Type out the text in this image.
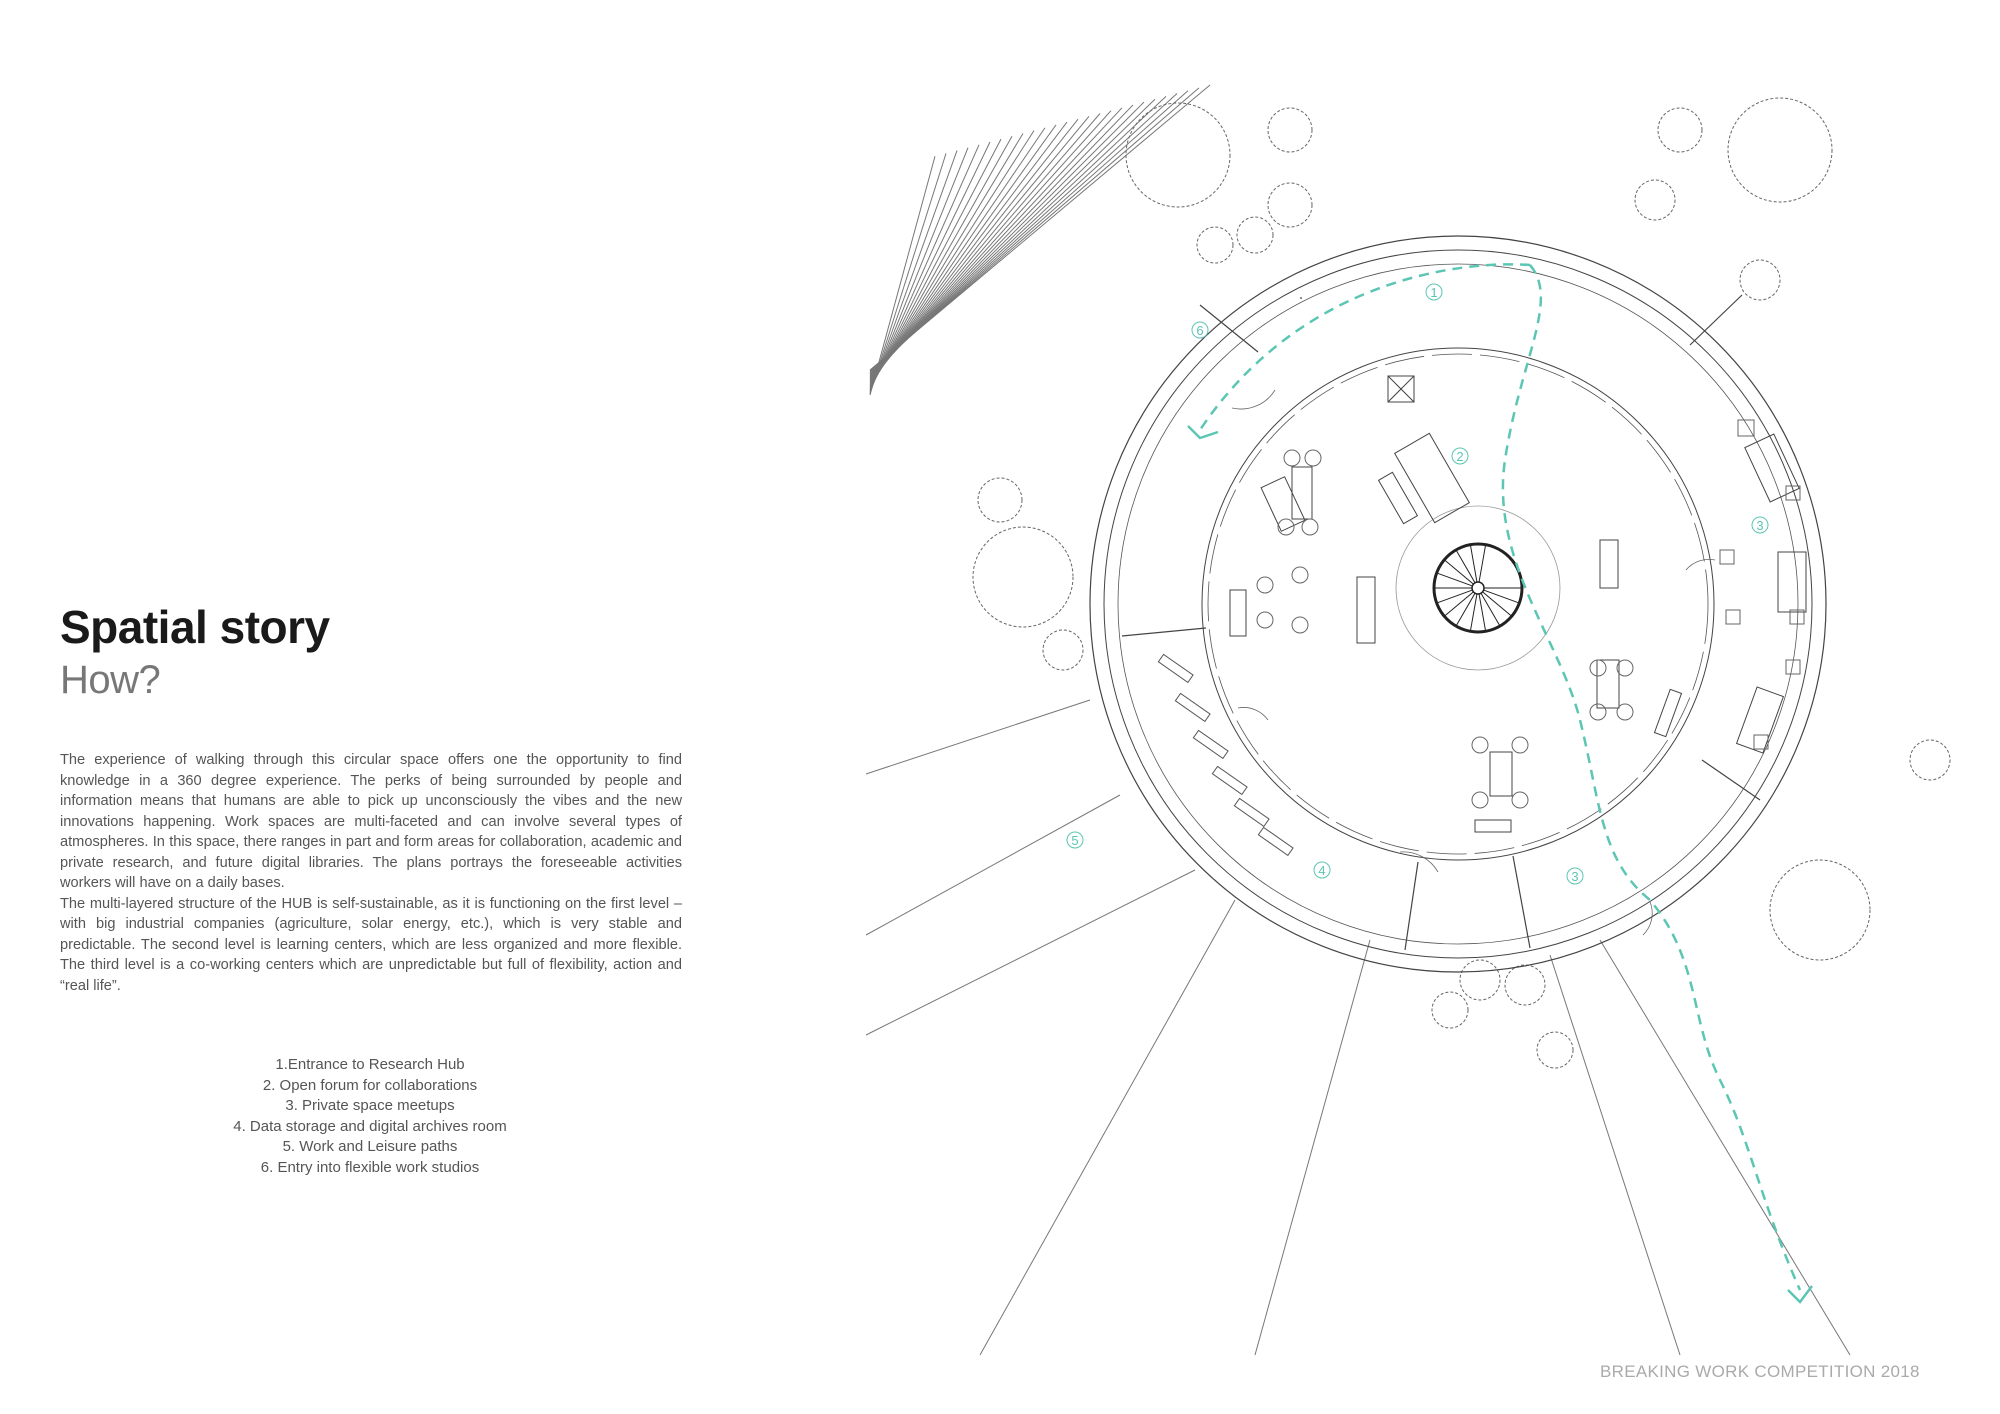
Spatial story
How?

The experience of walking through this circular space offers one the opportunity to find knowledge in a 360 degree experience. The perks of being surrounded by people and information means that humans are able to pick up unconsciously the vibes and the new innovations happening. Work spaces are multi-faceted and can involve several types of atmospheres. In this space, there ranges in part and form areas for collaboration, academic and private research, and future digital libraries. The plans portrays the foreseeable activities workers will have on a daily bases.

The multi-layered structure of the HUB is self-sustainable, as it is functioning on the first level – with big industrial companies (agriculture, solar energy, etc.), which is very stable and predictable. The second level is learning centers, which are less organized and more flexible. The third level is a co-working centers which are unpredictable but full of flexibility, action and “real life”.

1.Entrance to Research Hub
2. Open forum for collaborations
3. Private space meetups
4. Data storage and digital archives room
5. Work and Leisure paths
6. Entry into flexible work studios
1
2
3
3
4
5
6
BREAKING WORK COMPETITION 2018
